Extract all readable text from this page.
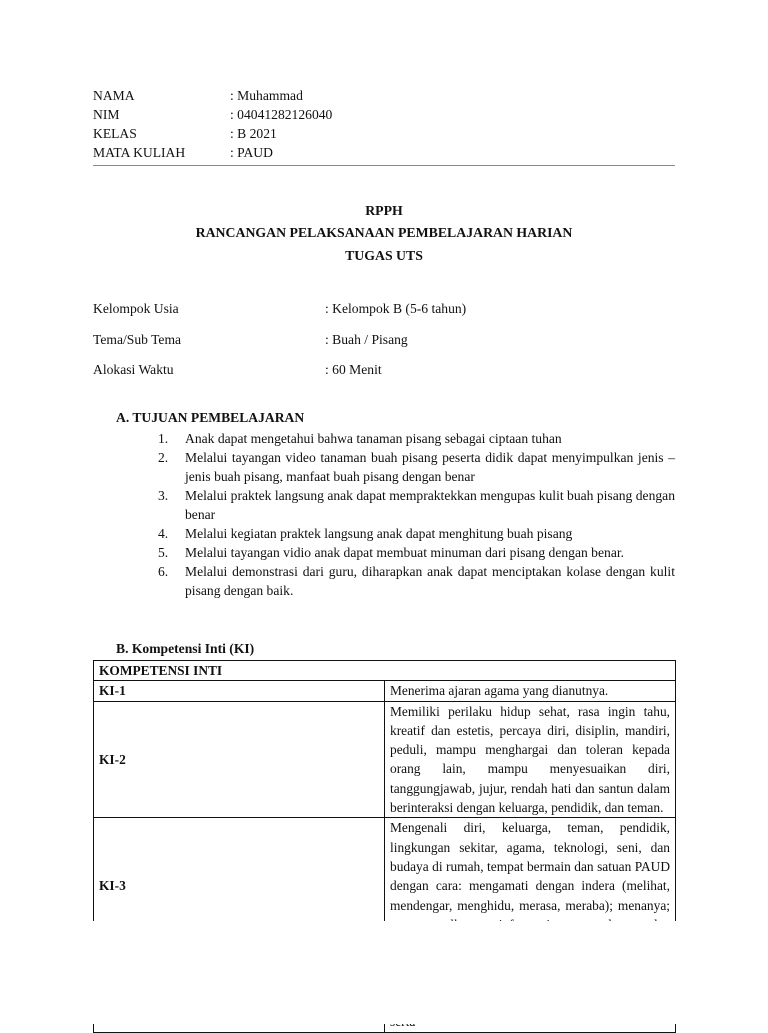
NAMA	: Muhammad
NIM	: 04041282126040
KELAS	: B 2021
MATA KULIAH	: PAUD
RPPH
RANCANGAN PELAKSANAAN PEMBELAJARAN HARIAN
TUGAS UTS
Kelompok Usia	: Kelompok B (5-6 tahun)
Tema/Sub Tema	: Buah / Pisang
Alokasi Waktu	: 60 Menit
A. TUJUAN PEMBELAJARAN
1. Anak dapat mengetahui bahwa tanaman pisang sebagai ciptaan tuhan
2. Melalui tayangan video tanaman buah pisang peserta didik dapat menyimpulkan jenis – jenis buah pisang, manfaat buah pisang dengan benar
3. Melalui praktek langsung anak dapat mempraktekkan mengupas kulit buah pisang dengan benar
4. Melalui kegiatan praktek langsung anak dapat menghitung buah pisang
5. Melalui tayangan vidio anak dapat membuat minuman dari pisang dengan benar.
6. Melalui demonstrasi dari guru, diharapkan anak dapat menciptakan kolase dengan kulit pisang dengan baik.
B. Kompetensi Inti (KI)
KOMPETENSI INTI	
KI-1	Menerima ajaran agama yang dianutnya.
KI-2	Memiliki perilaku hidup sehat, rasa ingin tahu, kreatif dan estetis, percaya diri, disiplin, mandiri, peduli, mampu menghargai dan toleran kepada orang lain, mampu menyesuaikan diri, tanggungjawab, jujur, rendah hati dan santun dalam berinteraksi dengan keluarga, pendidik, dan teman.
KI-3	Mengenali diri, keluarga, teman, pendidik, lingkungan sekitar, agama, teknologi, seni, dan budaya di rumah, tempat bermain dan satuan PAUD dengan cara: mengamati dengan indera (melihat, mendengar, menghidu, merasa, meraba); menanya;
